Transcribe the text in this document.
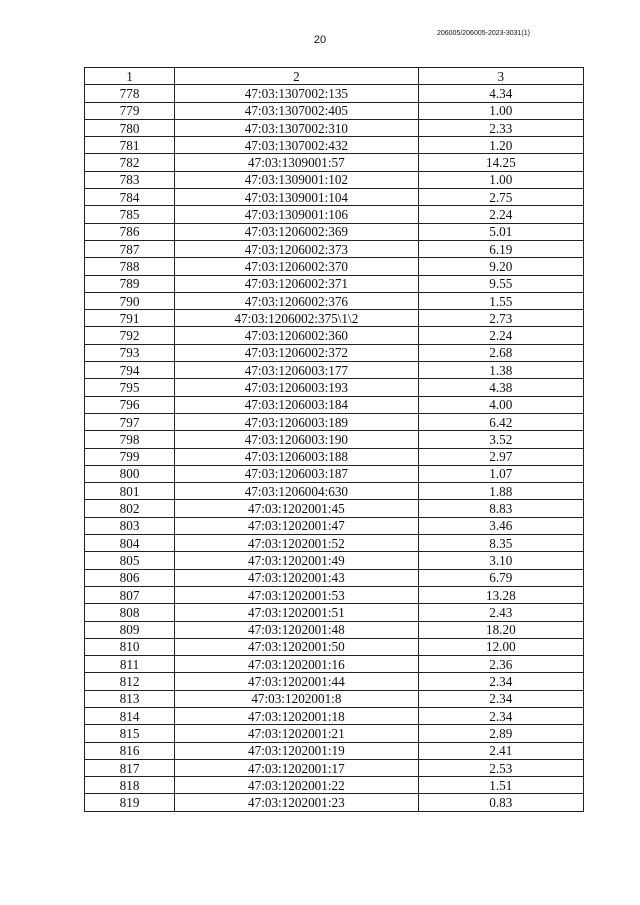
206005/206005-2023-3031(1)
20
1	2	3
778	47:03:1307002:135	4.34
779	47:03:1307002:405	1.00
780	47:03:1307002:310	2.33
781	47:03:1307002:432	1.20
782	47:03:1309001:57	14.25
783	47:03:1309001:102	1.00
784	47:03:1309001:104	2.75
785	47:03:1309001:106	2.24
786	47:03:1206002:369	5.01
787	47:03:1206002:373	6.19
788	47:03:1206002:370	9.20
789	47:03:1206002:371	9.55
790	47:03:1206002:376	1.55
791	47:03:1206002:375\1\2	2.73
792	47:03:1206002:360	2.24
793	47:03:1206002:372	2.68
794	47:03:1206003:177	1.38
795	47:03:1206003:193	4.38
796	47:03:1206003:184	4.00
797	47:03:1206003:189	6.42
798	47:03:1206003:190	3.52
799	47:03:1206003:188	2.97
800	47:03:1206003:187	1.07
801	47:03:1206004:630	1.88
802	47:03:1202001:45	8.83
803	47:03:1202001:47	3.46
804	47:03:1202001:52	8.35
805	47:03:1202001:49	3.10
806	47:03:1202001:43	6.79
807	47:03:1202001:53	13.28
808	47:03:1202001:51	2.43
809	47:03:1202001:48	18.20
810	47:03:1202001:50	12.00
811	47:03:1202001:16	2.36
812	47:03:1202001:44	2.34
813	47:03:1202001:8	2.34
814	47:03:1202001:18	2.34
815	47:03:1202001:21	2.89
816	47:03:1202001:19	2.41
817	47:03:1202001:17	2.53
818	47:03:1202001:22	1.51
819	47:03:1202001:23	0.83
